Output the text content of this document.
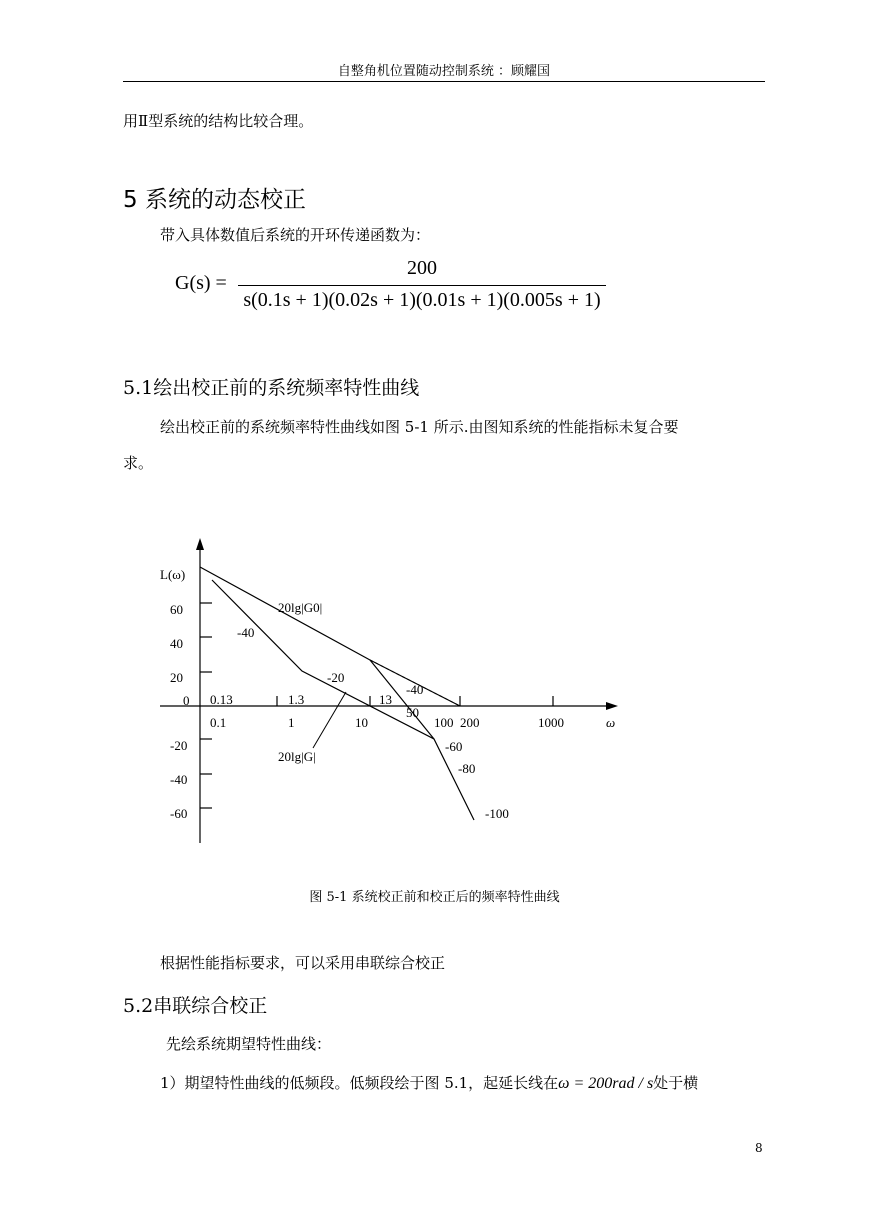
自整角机位置随动控制系统 ：顾耀国
用Ⅱ型系统的结构比较合理。
5 系统的动态校正
带入具体数值后系统的开环传递函数为：
G(s) =
200
s(0.1s + 1)(0.02s + 1)(0.01s + 1)(0.005s + 1)
5.1绘出校正前的系统频率特性曲线
绘出校正前的系统频率特性曲线如图 5-1 所示.由图知系统的性能指标未复合要
求。
L(ω)
60
40
20
0
-20
-40
-60
0.13	1.3	13
50
0.1	1	10	100 200	1000	ω
20lg|G0|
20lg|G|
-40
-20
-40
-60
-80
-100
图 5-1 系统校正前和校正后的频率特性曲线
根据性能指标要求，可以采用串联综合校正
5.2串联综合校正
先绘系统期望特性曲线：
1）期望特性曲线的低频段。低频段绘于图 5.1，起延长线在ω = 200rad / s处于横
8
